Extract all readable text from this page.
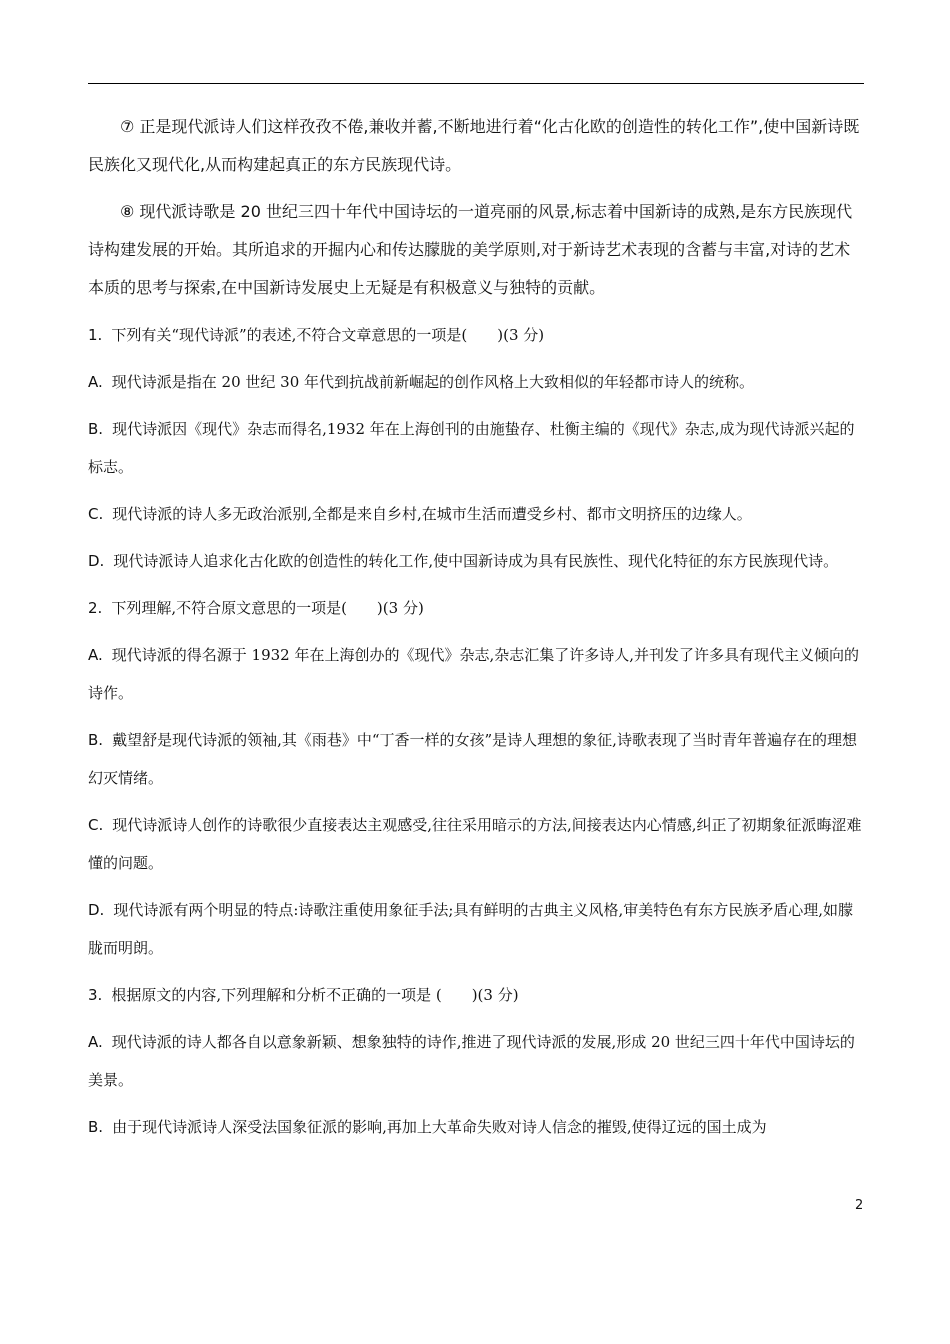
⑦ 正是现代派诗人们这样孜孜不倦,兼收并蓄,不断地进行着“化古化欧的创造性的转化工作”,使中国新诗既民族化又现代化,从而构建起真正的东方民族现代诗。

⑧ 现代派诗歌是 20 世纪三四十年代中国诗坛的一道亮丽的风景,标志着中国新诗的成熟,是东方民族现代诗构建发展的开始。其所追求的开掘内心和传达朦胧的美学原则,对于新诗艺术表现的含蓄与丰富,对诗的艺术本质的思考与探索,在中国新诗发展史上无疑是有积极意义与独特的贡献。

1. 下列有关“现代诗派”的表述,不符合文章意思的一项是(　　)(3 分)

A. 现代诗派是指在 20 世纪 30 年代到抗战前新崛起的创作风格上大致相似的年轻都市诗人的统称。

B. 现代诗派因《现代》杂志而得名,1932 年在上海创刊的由施蛰存、杜衡主编的《现代》杂志,成为现代诗派兴起的标志。

C. 现代诗派的诗人多无政治派别,全都是来自乡村,在城市生活而遭受乡村、都市文明挤压的边缘人。

D. 现代诗派诗人追求化古化欧的创造性的转化工作,使中国新诗成为具有民族性、现代化特征的东方民族现代诗。

2. 下列理解,不符合原文意思的一项是(　　)(3 分)

A. 现代诗派的得名源于 1932 年在上海创办的《现代》杂志,杂志汇集了许多诗人,并刊发了许多具有现代主义倾向的诗作。

B. 戴望舒是现代诗派的领袖,其《雨巷》中“丁香一样的女孩”是诗人理想的象征,诗歌表现了当时青年普遍存在的理想幻灭情绪。

C. 现代诗派诗人创作的诗歌很少直接表达主观感受,往往采用暗示的方法,间接表达内心情感,纠正了初期象征派晦涩难懂的问题。

D. 现代诗派有两个明显的特点:诗歌注重使用象征手法;具有鲜明的古典主义风格,审美特色有东方民族矛盾心理,如朦胧而明朗。

3. 根据原文的内容,下列理解和分析不正确的一项是 (　　)(3 分)

A. 现代诗派的诗人都各自以意象新颖、想象独特的诗作,推进了现代诗派的发展,形成 20 世纪三四十年代中国诗坛的美景。

B. 由于现代诗派诗人深受法国象征派的影响,再加上大革命失败对诗人信念的摧毁,使得辽远的国土成为

2
